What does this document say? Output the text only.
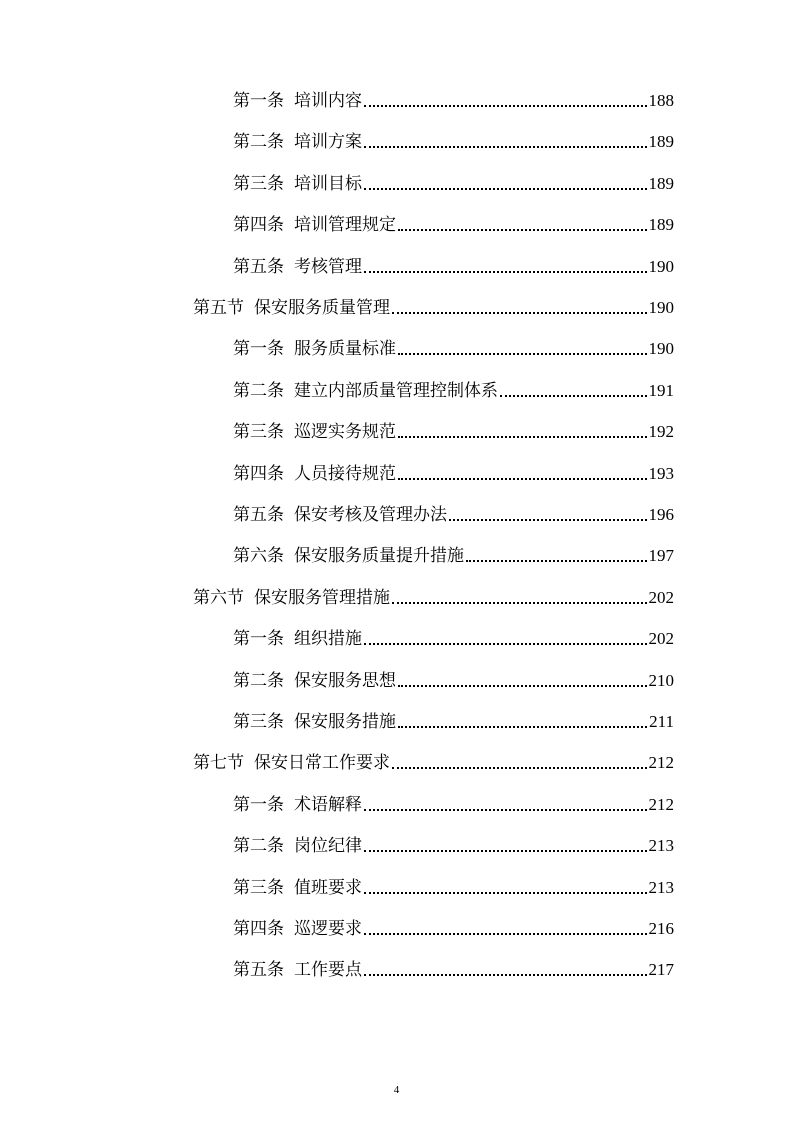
第一条 培训内容	188
第二条 培训方案	189
第三条 培训目标	189
第四条 培训管理规定	189
第五条 考核管理	190
第五节 保安服务质量管理	190
第一条 服务质量标准	190
第二条 建立内部质量管理控制体系	191
第三条 巡逻实务规范	192
第四条 人员接待规范	193
第五条 保安考核及管理办法	196
第六条 保安服务质量提升措施	197
第六节 保安服务管理措施	202
第一条 组织措施	202
第二条 保安服务思想	210
第三条 保安服务措施	211
第七节 保安日常工作要求	212
第一条 术语解释	212
第二条 岗位纪律	213
第三条 值班要求	213
第四条 巡逻要求	216
第五条 工作要点	217
4
